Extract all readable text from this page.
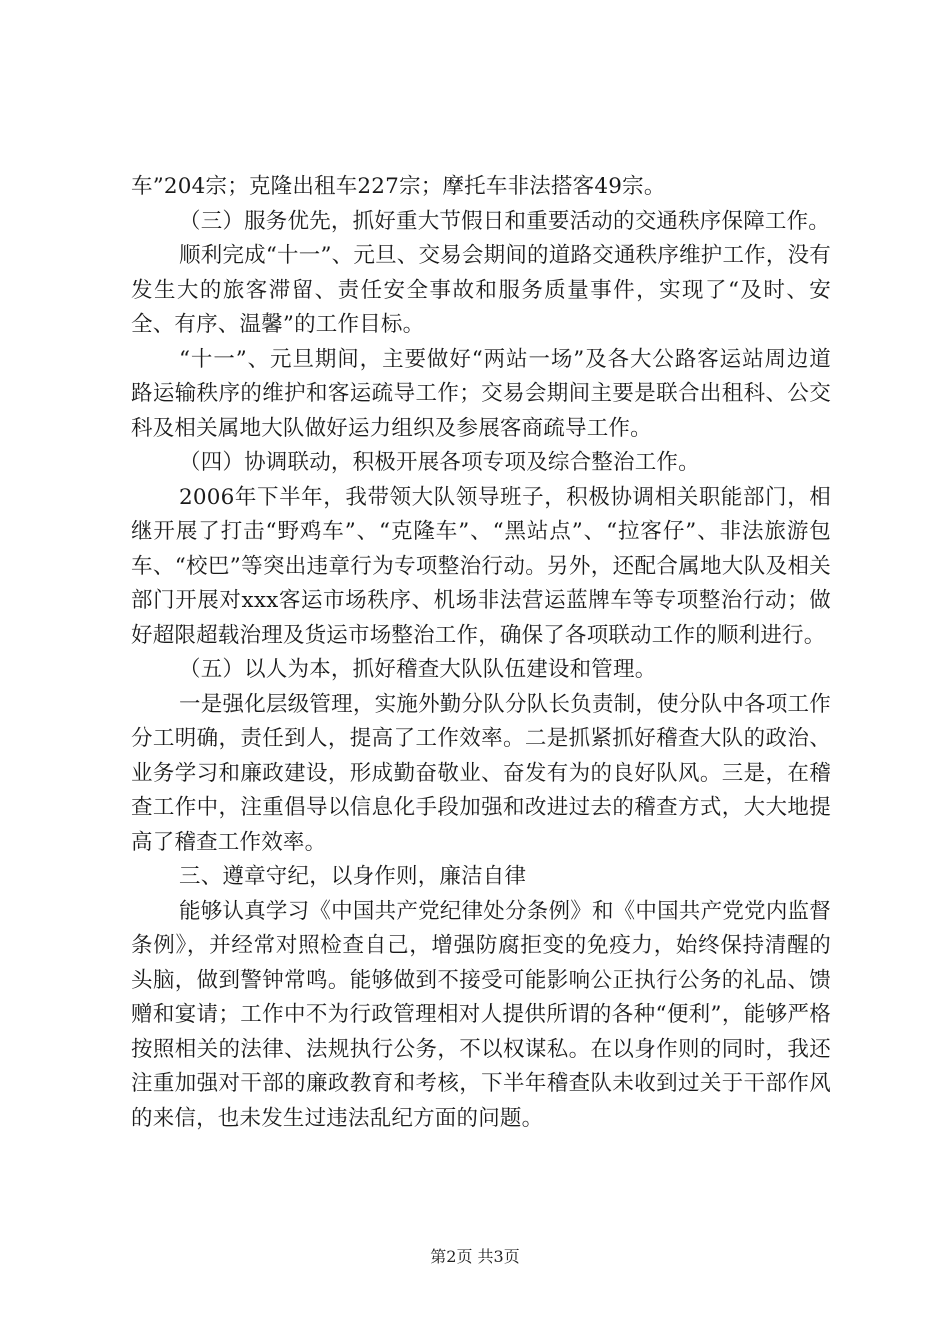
车”204宗；克隆出租车227宗；摩托车非法搭客49宗。

（三）服务优先，抓好重大节假日和重要活动的交通秩序保障工作。

顺利完成“十一”、元旦、交易会期间的道路交通秩序维护工作，没有发生大的旅客滞留、责任安全事故和服务质量事件，实现了“及时、安全、有序、温馨”的工作目标。

“十一”、元旦期间，主要做好“两站一场”及各大公路客运站周边道路运输秩序的维护和客运疏导工作；交易会期间主要是联合出租科、公交科及相关属地大队做好运力组织及参展客商疏导工作。

（四）协调联动，积极开展各项专项及综合整治工作。

2006年下半年，我带领大队领导班子，积极协调相关职能部门，相继开展了打击“野鸡车”、“克隆车”、“黑站点”、“拉客仔”、非法旅游包车、“校巴”等突出违章行为专项整治行动。另外，还配合属地大队及相关部门开展对xxx客运市场秩序、机场非法营运蓝牌车等专项整治行动；做好超限超载治理及货运市场整治工作，确保了各项联动工作的顺利进行。

（五）以人为本，抓好稽查大队队伍建设和管理。

一是强化层级管理，实施外勤分队分队长负责制，使分队中各项工作分工明确，责任到人，提高了工作效率。二是抓紧抓好稽查大队的政治、业务学习和廉政建设，形成勤奋敬业、奋发有为的良好队风。三是，在稽查工作中，注重倡导以信息化手段加强和改进过去的稽查方式，大大地提高了稽查工作效率。

三、遵章守纪，以身作则，廉洁自律

能够认真学习《中国共产党纪律处分条例》和《中国共产党党内监督条例》，并经常对照检查自己，增强防腐拒变的免疫力，始终保持清醒的头脑，做到警钟常鸣。能够做到不接受可能影响公正执行公务的礼品、馈赠和宴请；工作中不为行政管理相对人提供所谓的各种“便利”，能够严格按照相关的法律、法规执行公务，不以权谋私。在以身作则的同时，我还注重加强对干部的廉政教育和考核，下半年稽查队未收到过关于干部作风的来信，也未发生过违法乱纪方面的问题。

第2页 共3页
